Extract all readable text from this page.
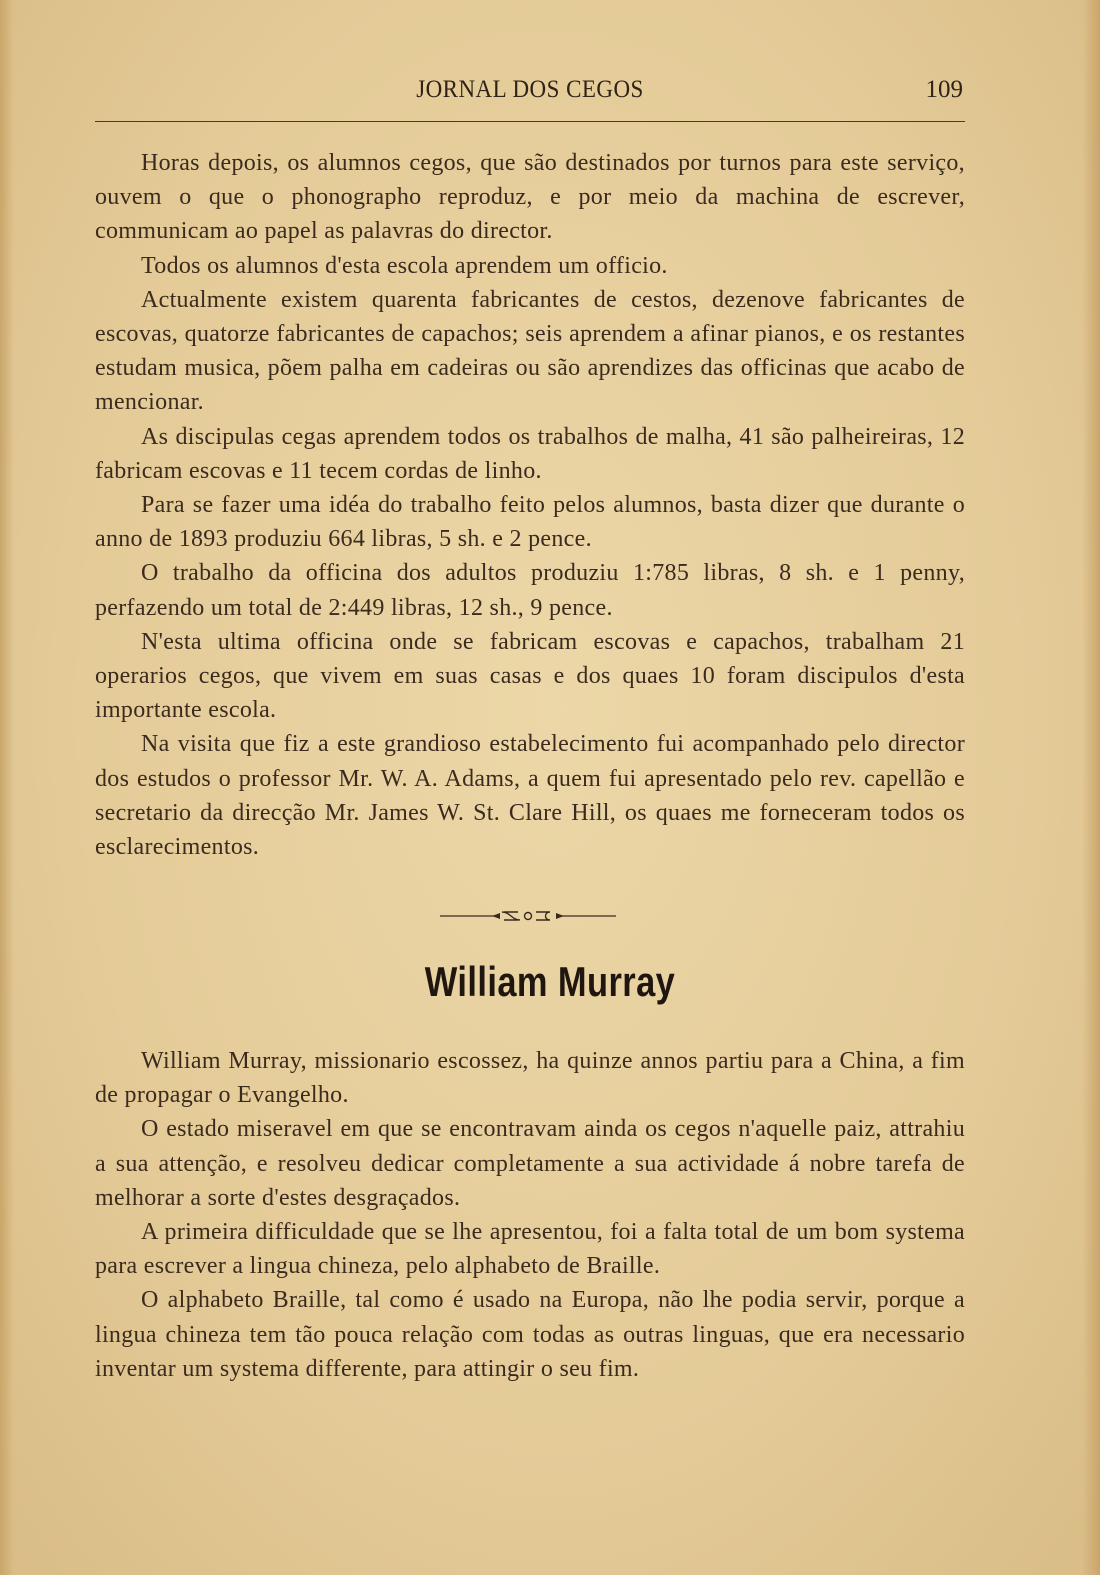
JORNAL DOS CEGOS	109

Horas depois, os alumnos cegos, que são destinados por turnos para este serviço, ouvem o que o phonographo reproduz, e por meio da machina de escrever, communicam ao papel as palavras do director.

Todos os alumnos d'esta escola aprendem um officio.

Actualmente existem quarenta fabricantes de cestos, dezenove fabricantes de escovas, quatorze fabricantes de capachos; seis aprendem a afinar pianos, e os restantes estudam musica, põem palha em cadeiras ou são aprendizes das officinas que acabo de mencionar.

As discipulas cegas aprendem todos os trabalhos de malha, 41 são palheireiras, 12 fabricam escovas e 11 tecem cordas de linho.

Para se fazer uma idéa do trabalho feito pelos alumnos, basta dizer que durante o anno de 1893 produziu 664 libras, 5 sh. e 2 pence.

O trabalho da officina dos adultos produziu 1:785 libras, 8 sh. e 1 penny, perfazendo um total de 2:449 libras, 12 sh., 9 pence.

N'esta ultima officina onde se fabricam escovas e capachos, trabalham 21 operarios cegos, que vivem em suas casas e dos quaes 10 foram discipulos d'esta importante escola.

Na visita que fiz a este grandioso estabelecimento fui acompanhado pelo director dos estudos o professor Mr. W. A. Adams, a quem fui apresentado pelo rev. capellão e secretario da direcção Mr. James W. St. Clare Hill, os quaes me forneceram todos os esclarecimentos.

William Murray

William Murray, missionario escossez, ha quinze annos partiu para a China, a fim de propagar o Evangelho.

O estado miseravel em que se encontravam ainda os cegos n'aquelle paiz, attrahiu a sua attenção, e resolveu dedicar completamente a sua actividade á nobre tarefa de melhorar a sorte d'estes desgraçados.

A primeira difficuldade que se lhe apresentou, foi a falta total de um bom systema para escrever a lingua chineza, pelo alphabeto de Braille.

O alphabeto Braille, tal como é usado na Europa, não lhe podia servir, porque a lingua chineza tem tão pouca relação com todas as outras linguas, que era necessario inventar um systema differente, para attingir o seu fim.
